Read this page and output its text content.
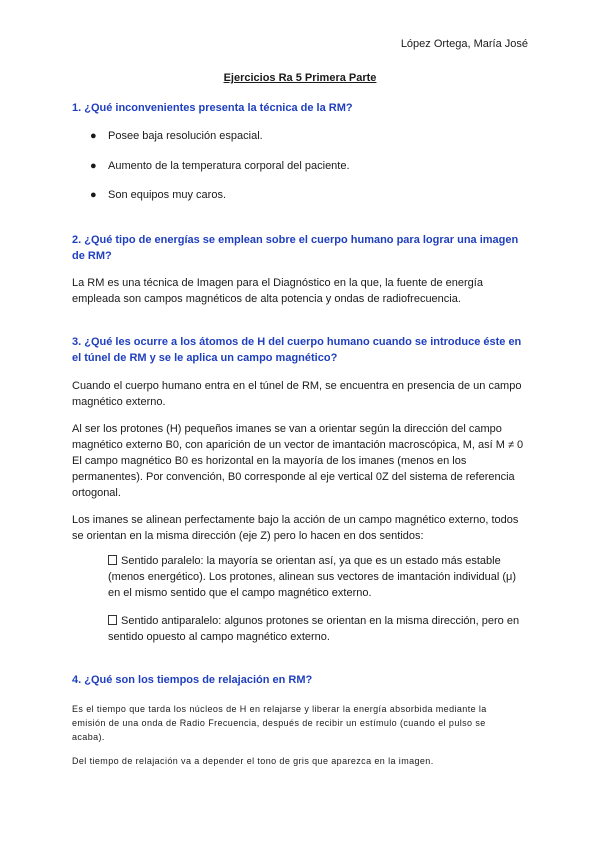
López Ortega, María José
Ejercicios Ra 5 Primera Parte
1. ¿Qué inconvenientes presenta la técnica de la RM?
● Posee baja resolución espacial.
● Aumento de la temperatura corporal del paciente.
● Son equipos muy caros.
2. ¿Qué tipo de energías se emplean sobre el cuerpo humano para lograr una imagen
de RM?
La RM es una técnica de Imagen para el Diagnóstico en la que, la fuente de energía
empleada son campos magnéticos de alta potencia y ondas de radiofrecuencia.
3. ¿Qué les ocurre a los átomos de H del cuerpo humano cuando se introduce éste en
el túnel de RM y se le aplica un campo magnético?
Cuando el cuerpo humano entra en el túnel de RM, se encuentra en presencia de un campo
magnético externo.
Al ser los protones (H) pequeños imanes se van a orientar según la dirección del campo
magnético externo B0, con aparición de un vector de imantación macroscópica, M, así M ≠ 0
El campo magnético B0 es horizontal en la mayoría de los imanes (menos en los
permanentes). Por convención, B0 corresponde al eje vertical 0Z del sistema de referencia
ortogonal.
Los imanes se alinean perfectamente bajo la acción de un campo magnético externo, todos
se orientan en la misma dirección (eje Z) pero lo hacen en dos sentidos:
Sentido paralelo: la mayoría se orientan así, ya que es un estado más estable
(menos energético). Los protones, alinean sus vectores de imantación individual (μ)
en el mismo sentido que el campo magnético externo.
Sentido antiparalelo: algunos protones se orientan en la misma dirección, pero en
sentido opuesto al campo magnético externo.
4. ¿Qué son los tiempos de relajación en RM?
Es el tiempo que tarda los núcleos de H en relajarse y liberar la energía absorbida mediante la
emisión de una onda de Radio Frecuencia, después de recibir un estímulo (cuando el pulso se
acaba).
Del tiempo de relajación va a depender el tono de gris que aparezca en la imagen.
